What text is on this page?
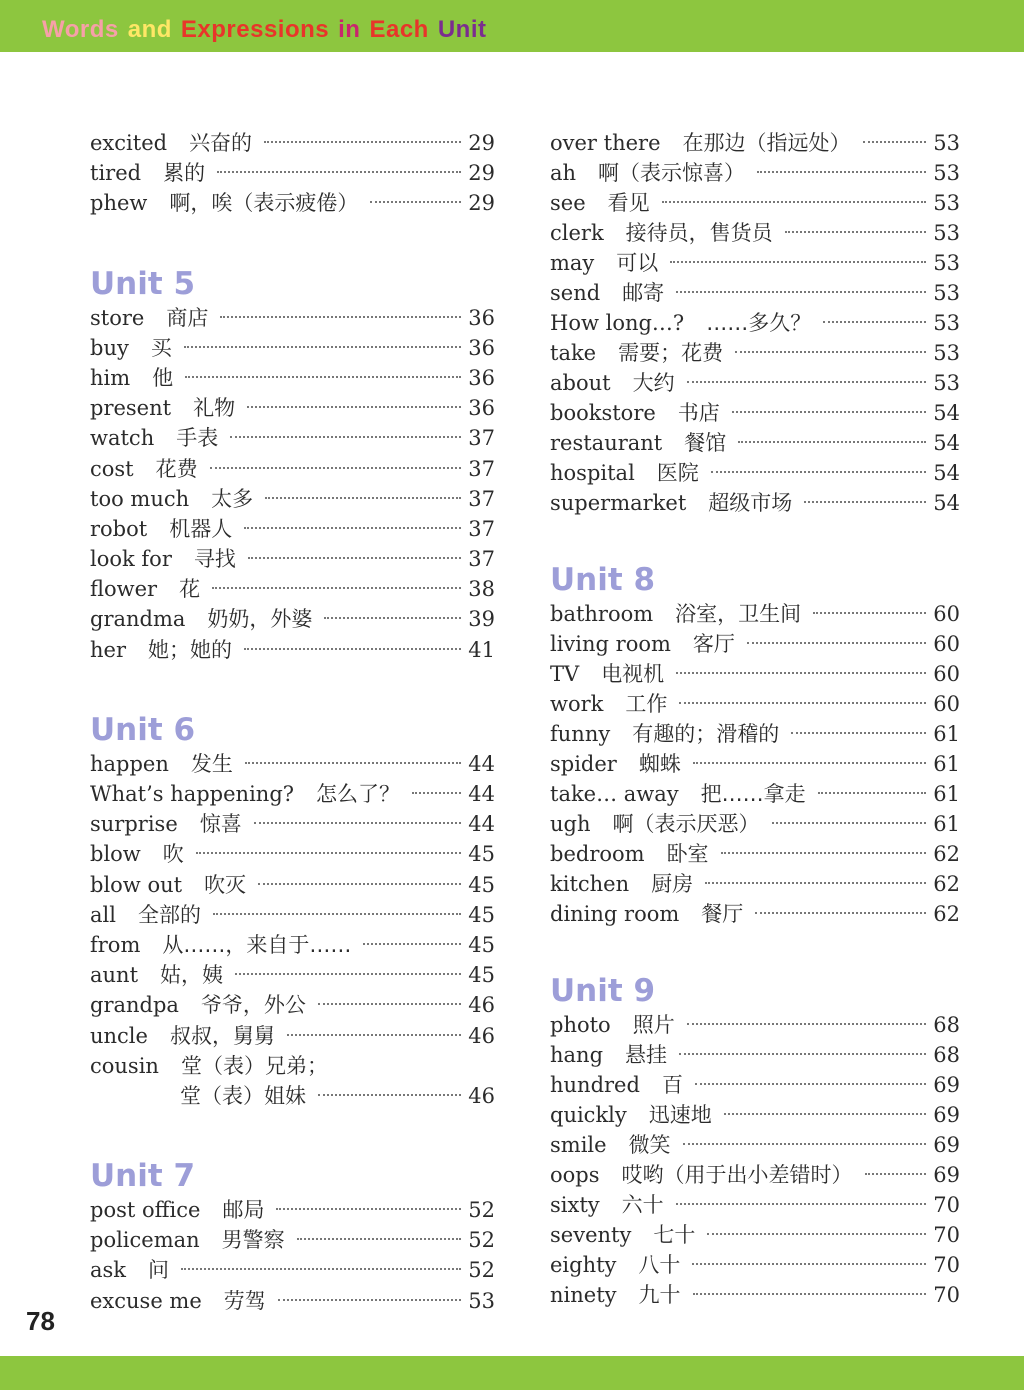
Words and Expressions in Each Unit
excited 兴奋的	29
tired 累的	29
phew 啊，唉（表示疲倦）	29
Unit 5
store 商店	36
buy 买	36
him 他	36
present 礼物	36
watch 手表	37
cost 花费	37
too much 太多	37
robot 机器人	37
look for 寻找	37
flower 花	38
grandma 奶奶，外婆	39
her 她；她的	41
Unit 6
happen 发生	44
What’s happening? 怎么了？	44
surprise 惊喜	44
blow 吹	45
blow out 吹灭	45
all 全部的	45
from 从……，来自于……	45
aunt 姑，姨	45
grandpa 爷爷，外公	46
uncle 叔叔，舅舅	46
cousin 堂（表）兄弟；
堂（表）姐妹	46
Unit 7
post office 邮局	52
policeman 男警察	52
ask 问	52
excuse me 劳驾	53
over there 在那边（指远处）	53
ah 啊（表示惊喜）	53
see 看见	53
clerk 接待员，售货员	53
may 可以	53
send 邮寄	53
How long…? ……多久？	53
take 需要；花费	53
about 大约	53
bookstore 书店	54
restaurant 餐馆	54
hospital 医院	54
supermarket 超级市场	54
Unit 8
bathroom 浴室，卫生间	60
living room 客厅	60
TV 电视机	60
work 工作	60
funny 有趣的；滑稽的	61
spider 蜘蛛	61
take… away 把……拿走	61
ugh 啊（表示厌恶）	61
bedroom 卧室	62
kitchen 厨房	62
dining room 餐厅	62
Unit 9
photo 照片	68
hang 悬挂	68
hundred 百	69
quickly 迅速地	69
smile 微笑	69
oops 哎哟（用于出小差错时）	69
sixty 六十	70
seventy 七十	70
eighty 八十	70
ninety 九十	70
78
